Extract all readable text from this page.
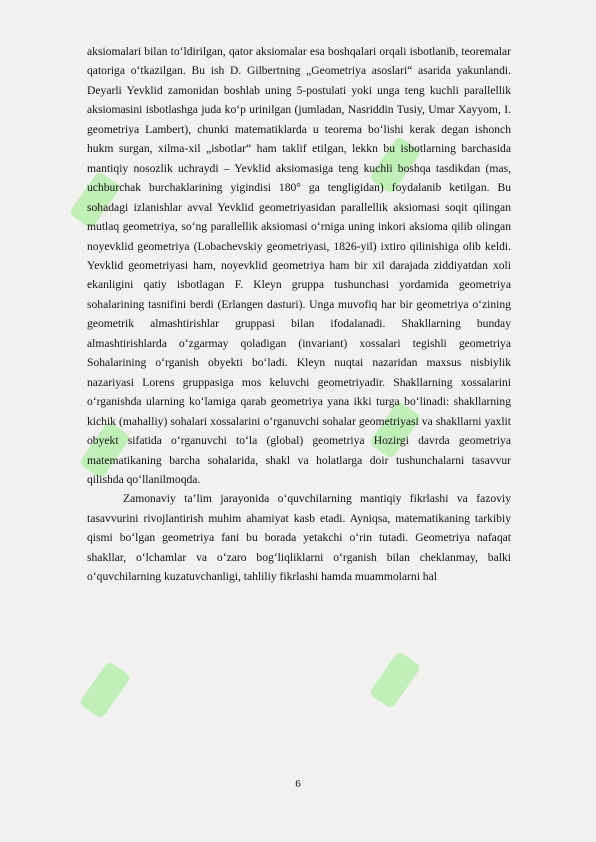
aksiomalari bilan to‘ldirilgan, qator aksiomalar esa boshqalari orqali isbotlanib, teoremalar qatoriga o‘tkazilgan. Bu ish D. Gilbertning „Geometriya asoslari“ asarida yakunlandi. Deyarli Yevklid zamonidan boshlab uning 5-postulati yoki unga teng kuchli parallellik aksiomasini isbotlashga juda ko‘p urinilgan (jumladan, Nasriddin Tusiy, Umar Xayyom, I. geometriya Lambert), chunki matematiklarda u teorema bo‘lishi kerak degan ishonch hukm surgan, xilma-xil „isbotlar“ ham taklif etilgan, lekkn bu isbotlarning barchasida mantiqiy nosozlik uchraydi – Yevklid aksiomasiga teng kuchli boshqa tasdikdan (mas, uchburchak burchaklarining yigindisi 180° ga tengligidan) foydalanib ketilgan. Bu sohadagi izlanishlar avval Yevklid geometriyasidan parallellik aksiomasi soqit qilingan mutlaq geometriya, so‘ng parallellik aksiomasi o‘rniga uning inkori aksioma qilib olingan noyevklid geometriya (Lobachevskiy geometriyasi, 1826-yil) ixtiro qilinishiga olib keldi. Yevklid geometriyasi ham, noyevklid geometriya ham bir xil darajada ziddiyatdan xoli ekanligini qatiy isbotlagan F. Kleyn gruppa tushunchasi yordamida geometriya sohalarining tasnifini berdi (Erlangen dasturi). Unga muvofiq har bir geometriya o‘zining geometrik almashtirishlar gruppasi bilan ifodalanadi. Shakllarning bunday almashtirishlarda o‘zgarmay qoladigan (invariant) xossalari tegishli geometriya Sohalarining o‘rganish obyekti bo‘ladi. Kleyn nuqtai nazaridan maxsus nisbiylik nazariyasi Lorens gruppasiga mos keluvchi geometriyadir. Shakllarning xossalarini o‘rganishda ularning ko‘lamiga qarab geometriya yana ikki turga bo‘linadi: shakllarning kichik (mahalliy) sohalari xossalarini o‘rganuvchi sohalar geometriyasi va shakllarni yaxlit obyekt sifatida o‘rganuvchi to‘la (global) geometriya Hozirgi davrda geometriya matematikaning barcha sohalarida, shakl va holatlarga doir tushunchalarni tasavvur qilishda qo‘llanilmoqda.

Zamonaviy ta’lim jarayonida o‘quvchilarning mantiqiy fikrlashi va fazoviy tasavvurini rivojlantirish muhim ahamiyat kasb etadi. Ayniqsa, matematikaning tarkibiy qismi bo‘lgan geometriya fani bu borada yetakchi o‘rin tutadi. Geometriya nafaqat shakllar, o‘lchamlar va o‘zaro bog‘liqliklarni o‘rganish bilan cheklanmay, balki o‘quvchilarning kuzatuvchanligi, tahliliy fikrlashi hamda muammolarni hal

6
